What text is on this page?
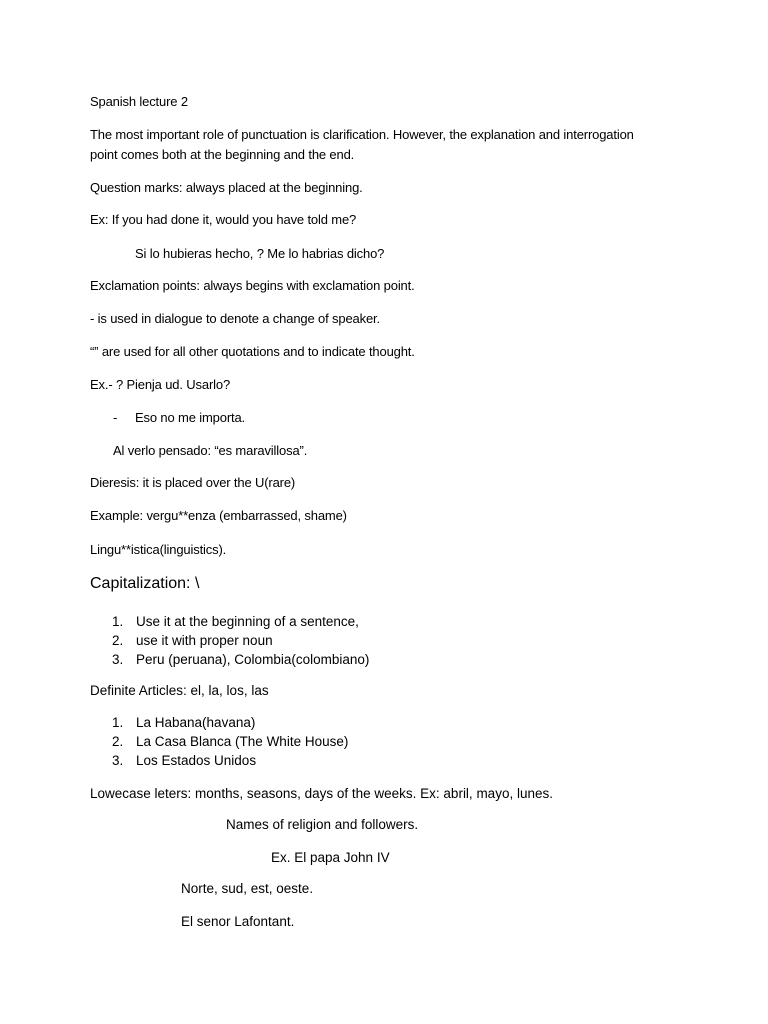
Spanish lecture 2
The most important role of punctuation is clarification. However, the explanation and interrogation
point comes both at the beginning and the end.
Question marks: always placed at the beginning.
Ex: If you had done it, would you have told me?
Si lo hubieras hecho, ? Me lo habrias dicho?
Exclamation points: always begins with exclamation point.
- is used in dialogue to denote a change of speaker.
“” are used for all other quotations and to indicate thought.
Ex.- ? Pienja ud. Usarlo?
- Eso no me importa.
Al verlo pensado: “es maravillosa”.
Dieresis: it is placed over the U(rare)
Example: vergu**enza (embarrassed, shame)
Lingu**istica(linguistics).
Capitalization: \
1. Use it at the beginning of a sentence,
2. use it with proper noun
3. Peru (peruana), Colombia(colombiano)
Definite Articles: el, la, los, las
1. La Habana(havana)
2. La Casa Blanca (The White House)
3. Los Estados Unidos
Lowecase leters: months, seasons, days of the weeks. Ex: abril, mayo, lunes.
Names of religion and followers.
Ex. El papa John IV
Norte, sud, est, oeste.
El senor Lafontant.
